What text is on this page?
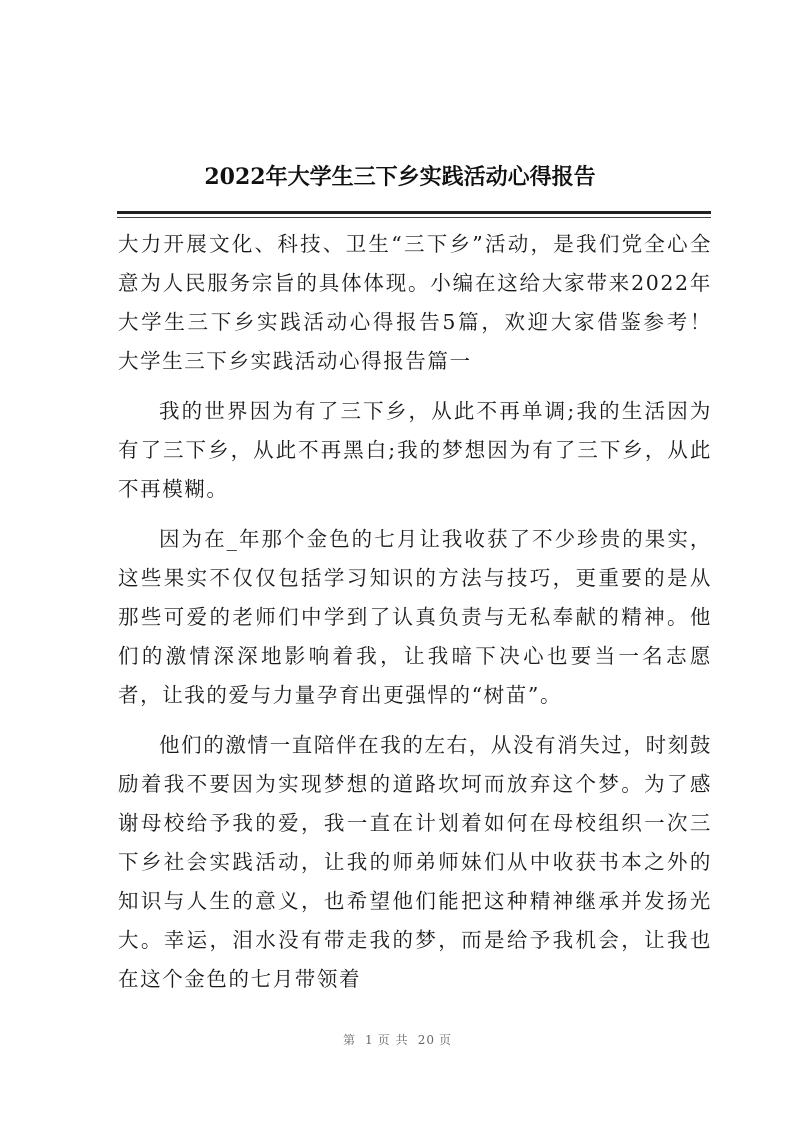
2022年大学生三下乡实践活动心得报告

大力开展文化、科技、卫生“三下乡”活动，是我们党全心全意为人民服务宗旨的具体体现。小编在这给大家带来2022年大学生三下乡实践活动心得报告5篇，欢迎大家借鉴参考！　　大学生三下乡实践活动心得报告篇一

我的世界因为有了三下乡，从此不再单调;我的生活因为有了三下乡，从此不再黑白;我的梦想因为有了三下乡，从此不再模糊。

因为在_年那个金色的七月让我收获了不少珍贵的果实，这些果实不仅仅包括学习知识的方法与技巧，更重要的是从那些可爱的老师们中学到了认真负责与无私奉献的精神。他们的激情深深地影响着我，让我暗下决心也要当一名志愿者，让我的爱与力量孕育出更强悍的“树苗”。

他们的激情一直陪伴在我的左右，从没有消失过，时刻鼓励着我不要因为实现梦想的道路坎坷而放弃这个梦。为了感谢母校给予我的爱，我一直在计划着如何在母校组织一次三下乡社会实践活动，让我的师弟师妹们从中收获书本之外的知识与人生的意义，也希望他们能把这种精神继承并发扬光大。幸运，泪水没有带走我的梦，而是给予我机会，让我也在这个金色的七月带领着

第 1 页共 20 页
